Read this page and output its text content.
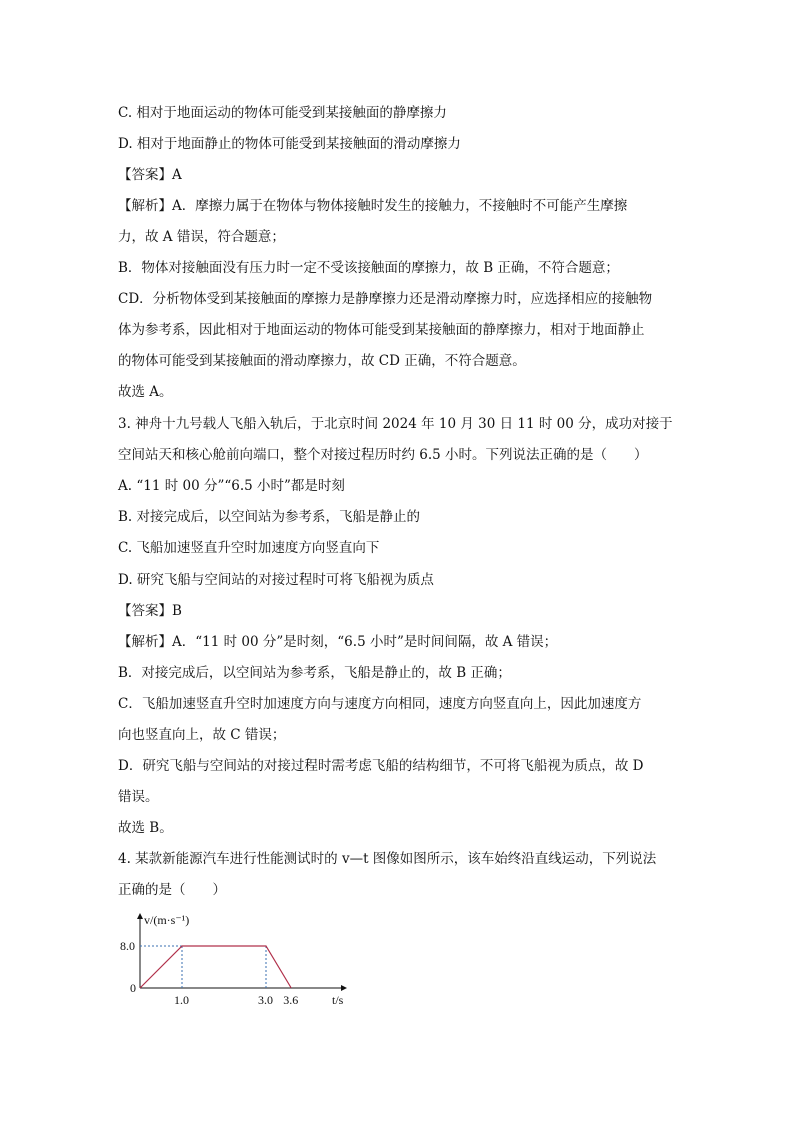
C. 相对于地面运动的物体可能受到某接触面的静摩擦力
D. 相对于地面静止的物体可能受到某接触面的滑动摩擦力
【答案】A
【解析】A．摩擦力属于在物体与物体接触时发生的接触力，不接触时不可能产生摩擦
力，故 A 错误，符合题意；
B．物体对接触面没有压力时一定不受该接触面的摩擦力，故 B 正确，不符合题意；
CD．分析物体受到某接触面的摩擦力是静摩擦力还是滑动摩擦力时，应选择相应的接触物
体为参考系，因此相对于地面运动的物体可能受到某接触面的静摩擦力，相对于地面静止
的物体可能受到某接触面的滑动摩擦力，故 CD 正确，不符合题意。
故选 A。
3. 神舟十九号载人飞船入轨后，于北京时间 2024 年 10 月 30 日 11 时 00 分，成功对接于
空间站天和核心舱前向端口，整个对接过程历时约 6.5 小时。下列说法正确的是（　　）
A. “11 时 00 分”“6.5 小时”都是时刻
B. 对接完成后，以空间站为参考系，飞船是静止的
C. 飞船加速竖直升空时加速度方向竖直向下
D. 研究飞船与空间站的对接过程时可将飞船视为质点
【答案】B
【解析】A．“11 时 00 分”是时刻，“6.5 小时”是时间间隔，故 A 错误；
B．对接完成后，以空间站为参考系，飞船是静止的，故 B 正确；
C．飞船加速竖直升空时加速度方向与速度方向相同，速度方向竖直向上，因此加速度方
向也竖直向上，故 C 错误；
D．研究飞船与空间站的对接过程时需考虑飞船的结构细节，不可将飞船视为质点，故 D
错误。
故选 B。
4. 某款新能源汽车进行性能测试时的 v—t 图像如图所示，该车始终沿直线运动，下列说法
正确的是（　　）
v/(m·s⁻¹)
t/s
8.0
0
1.0	3.0 3.6
